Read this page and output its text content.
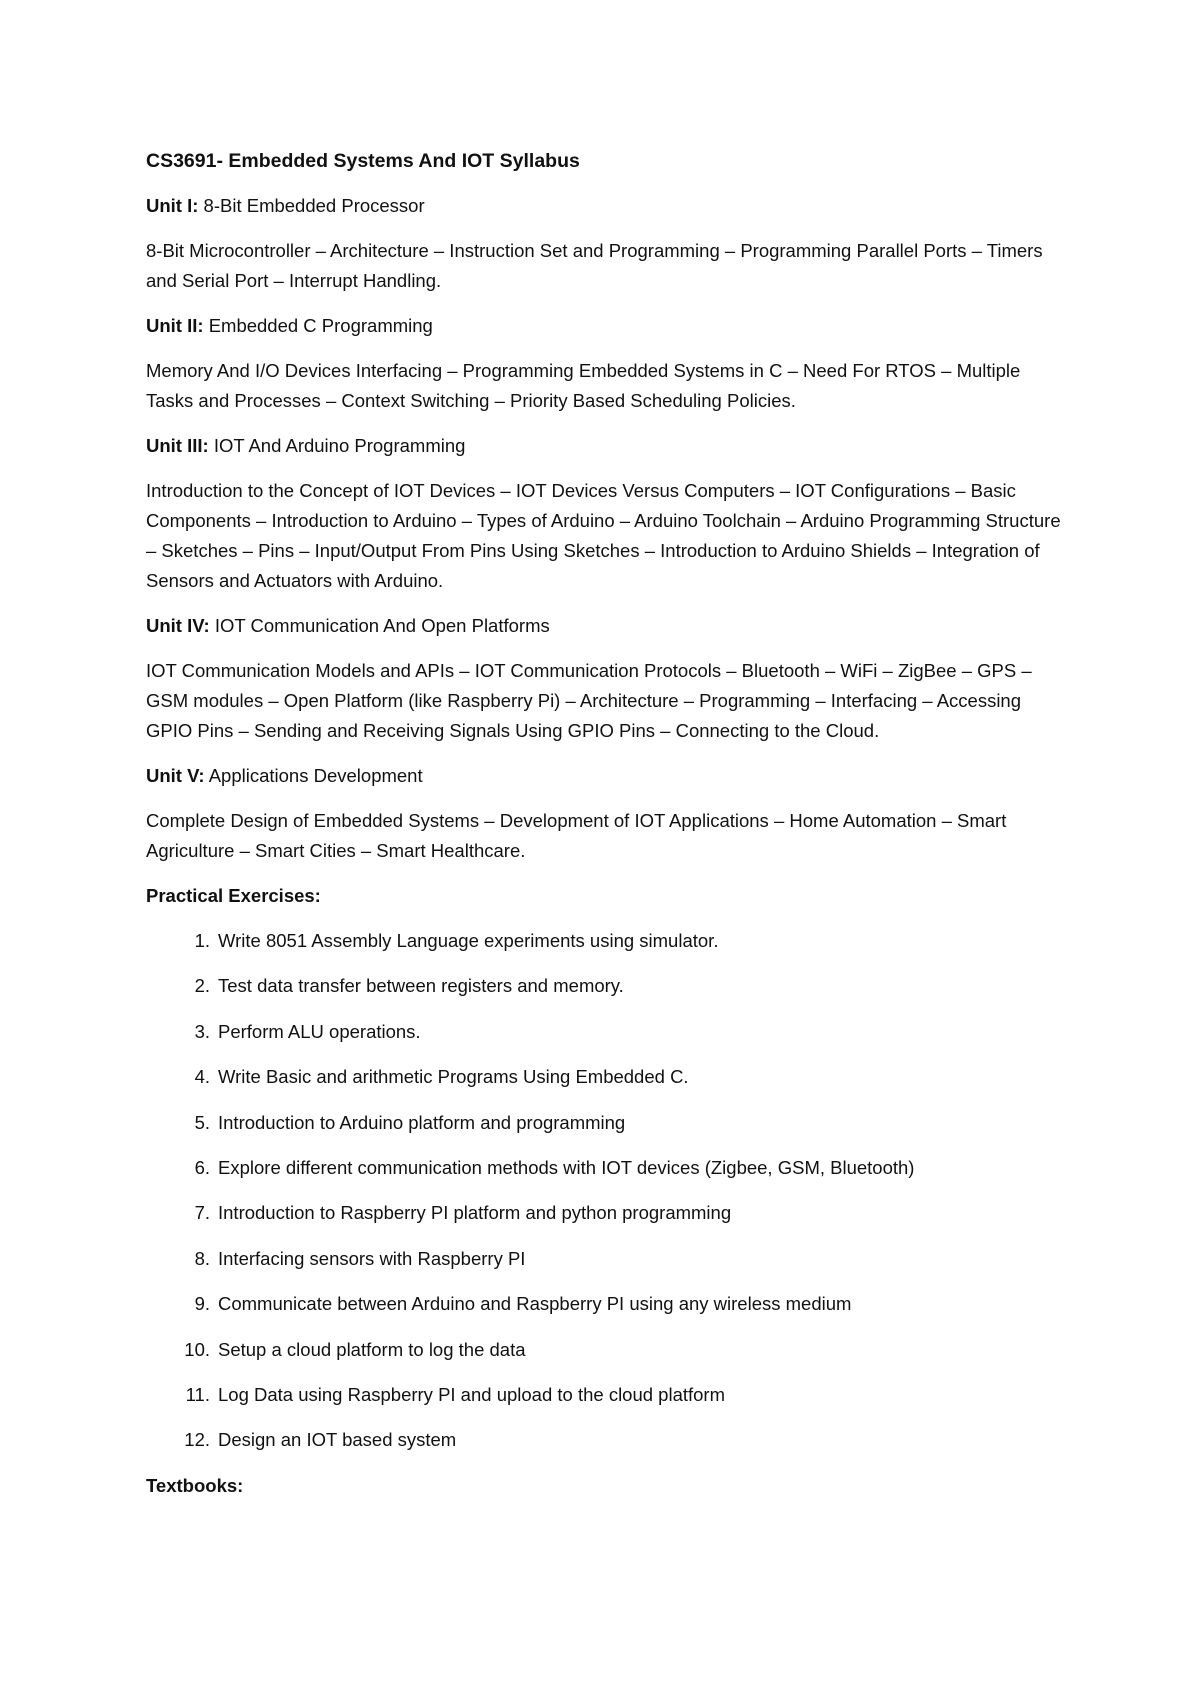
CS3691- Embedded Systems And IOT Syllabus
Unit I: 8-Bit Embedded Processor
8-Bit Microcontroller – Architecture – Instruction Set and Programming – Programming Parallel Ports – Timers and Serial Port – Interrupt Handling.
Unit II: Embedded C Programming
Memory And I/O Devices Interfacing – Programming Embedded Systems in C – Need For RTOS – Multiple Tasks and Processes – Context Switching – Priority Based Scheduling Policies.
Unit III: IOT And Arduino Programming
Introduction to the Concept of IOT Devices – IOT Devices Versus Computers – IOT Configurations – Basic Components – Introduction to Arduino – Types of Arduino – Arduino Toolchain – Arduino Programming Structure – Sketches – Pins – Input/Output From Pins Using Sketches – Introduction to Arduino Shields – Integration of Sensors and Actuators with Arduino.
Unit IV: IOT Communication And Open Platforms
IOT Communication Models and APIs – IOT Communication Protocols – Bluetooth – WiFi – ZigBee – GPS – GSM modules – Open Platform (like Raspberry Pi) – Architecture – Programming – Interfacing – Accessing GPIO Pins – Sending and Receiving Signals Using GPIO Pins – Connecting to the Cloud.
Unit V: Applications Development
Complete Design of Embedded Systems – Development of IOT Applications – Home Automation – Smart Agriculture – Smart Cities – Smart Healthcare.
Practical Exercises:
1. Write 8051 Assembly Language experiments using simulator.
2. Test data transfer between registers and memory.
3. Perform ALU operations.
4. Write Basic and arithmetic Programs Using Embedded C.
5. Introduction to Arduino platform and programming
6. Explore different communication methods with IOT devices (Zigbee, GSM, Bluetooth)
7. Introduction to Raspberry PI platform and python programming
8. Interfacing sensors with Raspberry PI
9. Communicate between Arduino and Raspberry PI using any wireless medium
10. Setup a cloud platform to log the data
11. Log Data using Raspberry PI and upload to the cloud platform
12. Design an IOT based system
Textbooks:
